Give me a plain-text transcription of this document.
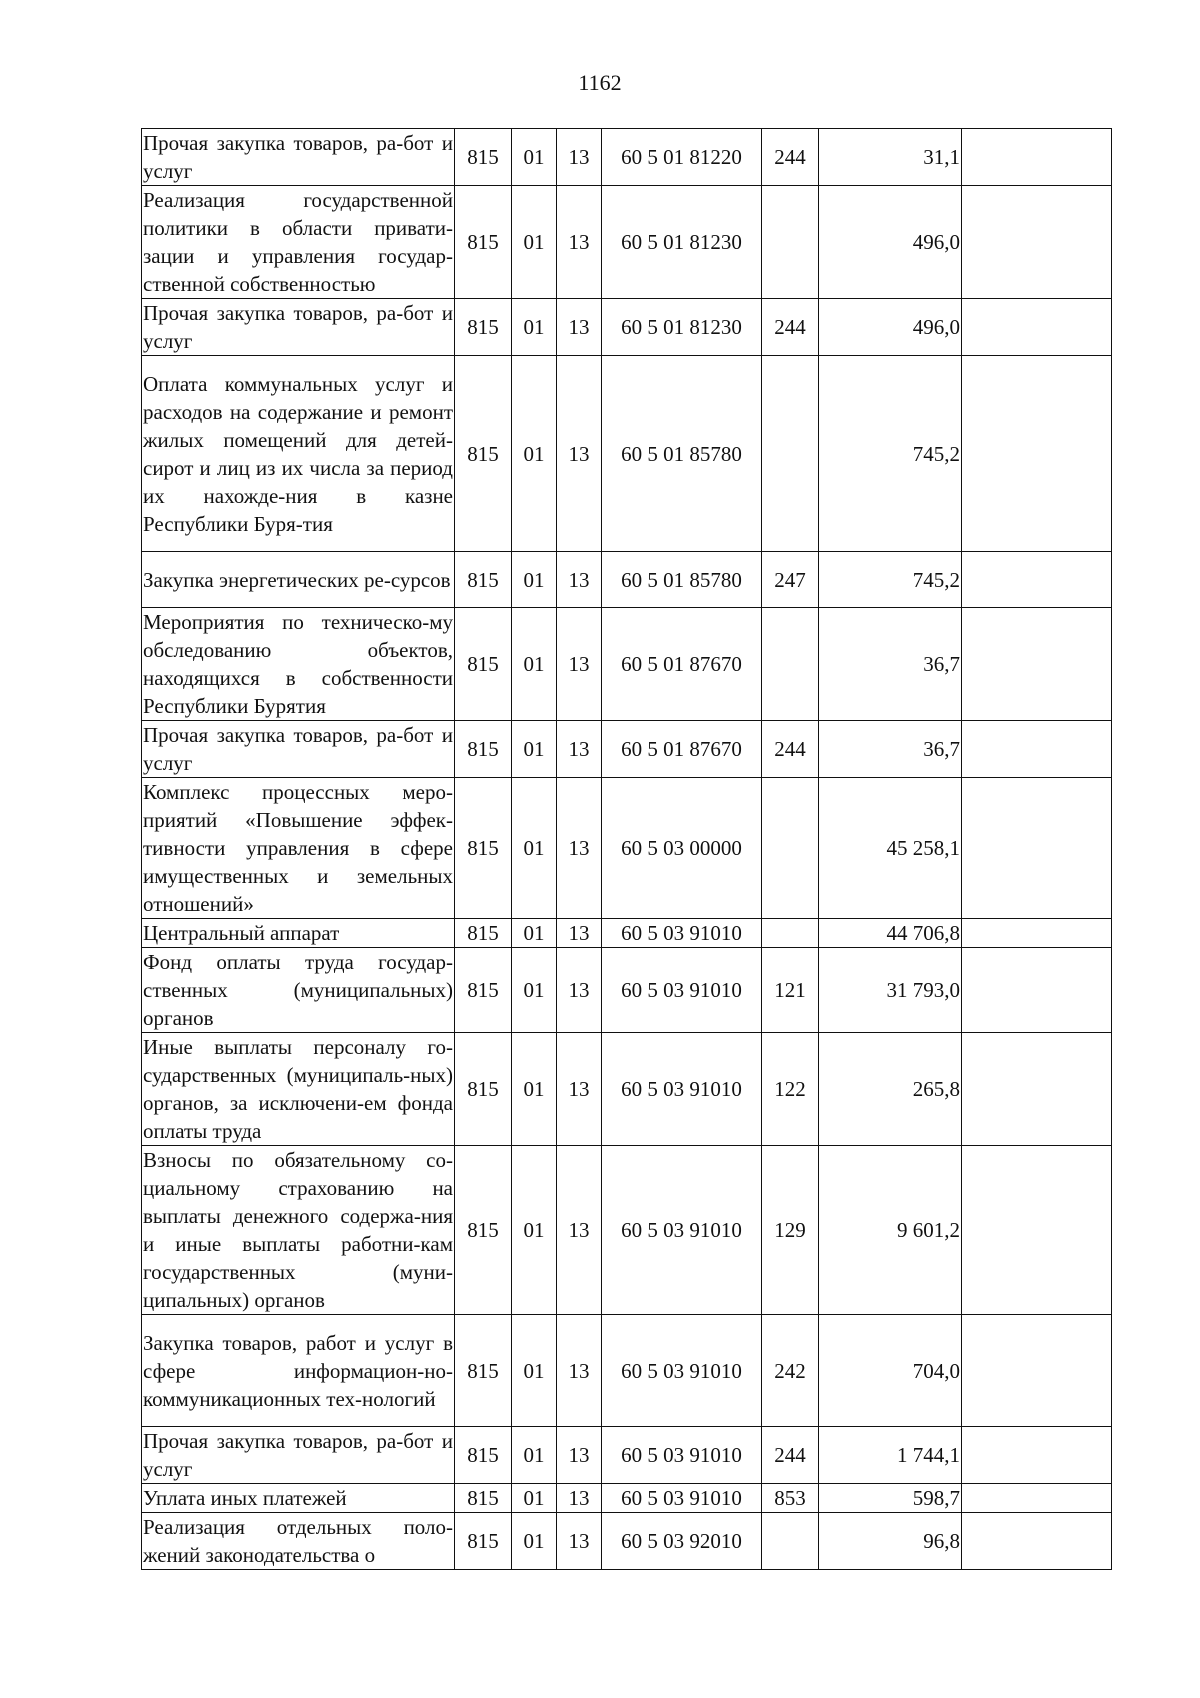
1162
Прочая закупка товаров, ра-бот и услуг	815	01	13	60 5 01 81220	244	31,1	
Реализация государственной политики в области привати-зации и управления государ-ственной собственностью	815	01	13	60 5 01 81230		496,0	
Прочая закупка товаров, ра-бот и услуг	815	01	13	60 5 01 81230	244	496,0	
Оплата коммунальных услуг и расходов на содержание и ремонт жилых помещений для детей-сирот и лиц из их числа за период их нахожде-ния в казне Республики Буря-тия	815	01	13	60 5 01 85780		745,2	
Закупка энергетических ре-сурсов	815	01	13	60 5 01 85780	247	745,2	
Мероприятия по техническо-му обследованию объектов, находящихся в собственности Республики Бурятия	815	01	13	60 5 01 87670		36,7	
Прочая закупка товаров, ра-бот и услуг	815	01	13	60 5 01 87670	244	36,7	
Комплекс процессных меро-приятий «Повышение эффек-тивности управления в сфере имущественных и земельных отношений»	815	01	13	60 5 03 00000		45 258,1	
Центральный аппарат	815	01	13	60 5 03 91010		44 706,8	
Фонд оплаты труда государ-ственных (муниципальных) органов	815	01	13	60 5 03 91010	121	31 793,0	
Иные выплаты персоналу го-сударственных (муниципаль-ных) органов, за исключени-ем фонда оплаты труда	815	01	13	60 5 03 91010	122	265,8	
Взносы по обязательному со-циальному страхованию на выплаты денежного содержа-ния и иные выплаты работни-кам государственных (муни-ципальных) органов	815	01	13	60 5 03 91010	129	9 601,2	
Закупка товаров, работ и услуг в сфере информацион-но-коммуникационных тех-нологий	815	01	13	60 5 03 91010	242	704,0	
Прочая закупка товаров, ра-бот и услуг	815	01	13	60 5 03 91010	244	1 744,1	
Уплата иных платежей	815	01	13	60 5 03 91010	853	598,7	
Реализация отдельных поло-жений законодательства о	815	01	13	60 5 03 92010		96,8	
